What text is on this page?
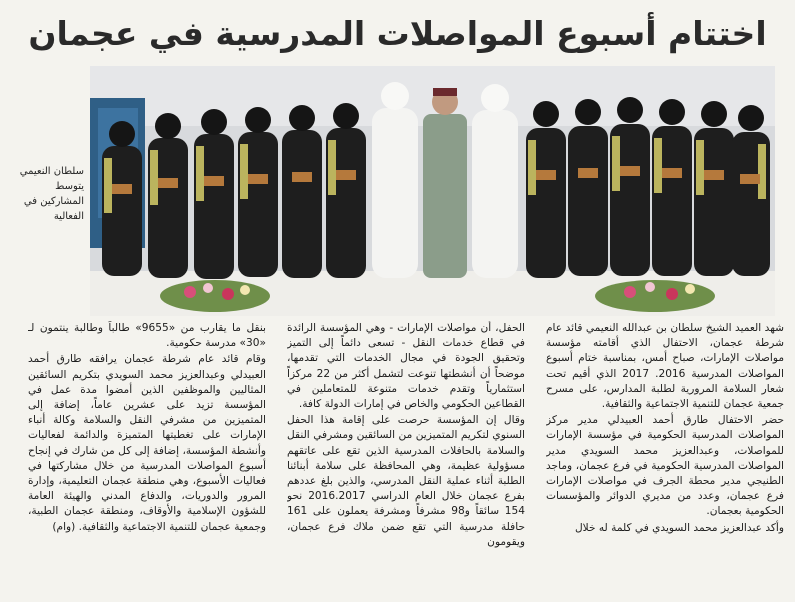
اختتام أسبوع المواصلات المدرسية في عجمان
سلطان النعيمي يتوسط المشاركين في الفعالية

شهد العميد الشيخ سلطان بن عبدالله النعيمي قائد عام شرطة عجمان، الاحتفال الذي أقامته مؤسسة مواصلات الإمارات، صباح أمس، بمناسبة ختام أسبوع المواصلات المدرسية 2016. 2017 الذي أقيم تحت شعار السلامة المرورية لطلبة المدارس، على مسرح جمعية عجمان للتنمية الاجتماعية والثقافية.

حضر الاحتفال طارق أحمد العبيدلي مدير مركز المواصلات المدرسية الحكومية في مؤسسة الإمارات للمواصلات، وعبدالعزيز محمد السويدي مدير المواصلات المدرسية الحكومية في فرع عجمان، وماجد الطنيجي مدير محطة الجرف في مواصلات الإمارات فرع عجمان، وعدد من مديري الدوائر والمؤسسات الحكومية بعجمان.

وأكد عبدالعزيز محمد السويدي في كلمة له خلال

الحفل، أن مواصلات الإمارات - وهي المؤسسة الرائدة في قطاع خدمات النقل - تسعى دائماً إلى التميز وتحقيق الجودة في مجال الخدمات التي تقدمها، موضحاً أن أنشطتها تنوعت لتشمل أكثر من 22 مركزاً استثمارياً وتقدم خدمات متنوعة للمتعاملين في القطاعين الحكومي والخاص في إمارات الدولة كافة.

وقال إن المؤسسة حرصت على إقامة هذا الحفل السنوي لتكريم المتميزين من السائقين ومشرفي النقل والسلامة بالحافلات المدرسية الذين تقع على عاتقهم مسؤولية عظيمة، وهي المحافظة على سلامة أبنائنا الطلبة أثناء عملية النقل المدرسي، والذين بلغ عددهم بفرع عجمان خلال العام الدراسي 2016.2017 نحو 154 سائقاً و98 مشرفاً ومشرفة يعملون على 161 حافلة مدرسية التي تقع ضمن ملاك فرع عجمان، ويقومون

بنقل ما يقارب من «9655» طالباً وطالبة ينتمون لـ «30» مدرسة حكومية.

وقام قائد عام شرطة عجمان يرافقه طارق أحمد العبيدلي وعبدالعزيز محمد السويدي بتكريم السائقين المثاليين والموظفين الذين أمضوا مدة عمل في المؤسسة تزيد على عشرين عاماً، إضافة إلى المتميزين من مشرفي النقل والسلامة وكالة أنباء الإمارات على تغطيتها المتميزة والدائمة لفعاليات وأنشطة المؤسسة، إضافة إلى كل من شارك في إنجاح أسبوع المواصلات المدرسية من خلال مشاركتها في فعاليات الأسبوع، وهي منطقة عجمان التعليمية، وإدارة المرور والدوريات، والدفاع المدني والهيئة العامة للشؤون الإسلامية والأوقاف، ومنطقة عجمان الطبية، وجمعية عجمان للتنمية الاجتماعية والثقافية. (وام)
